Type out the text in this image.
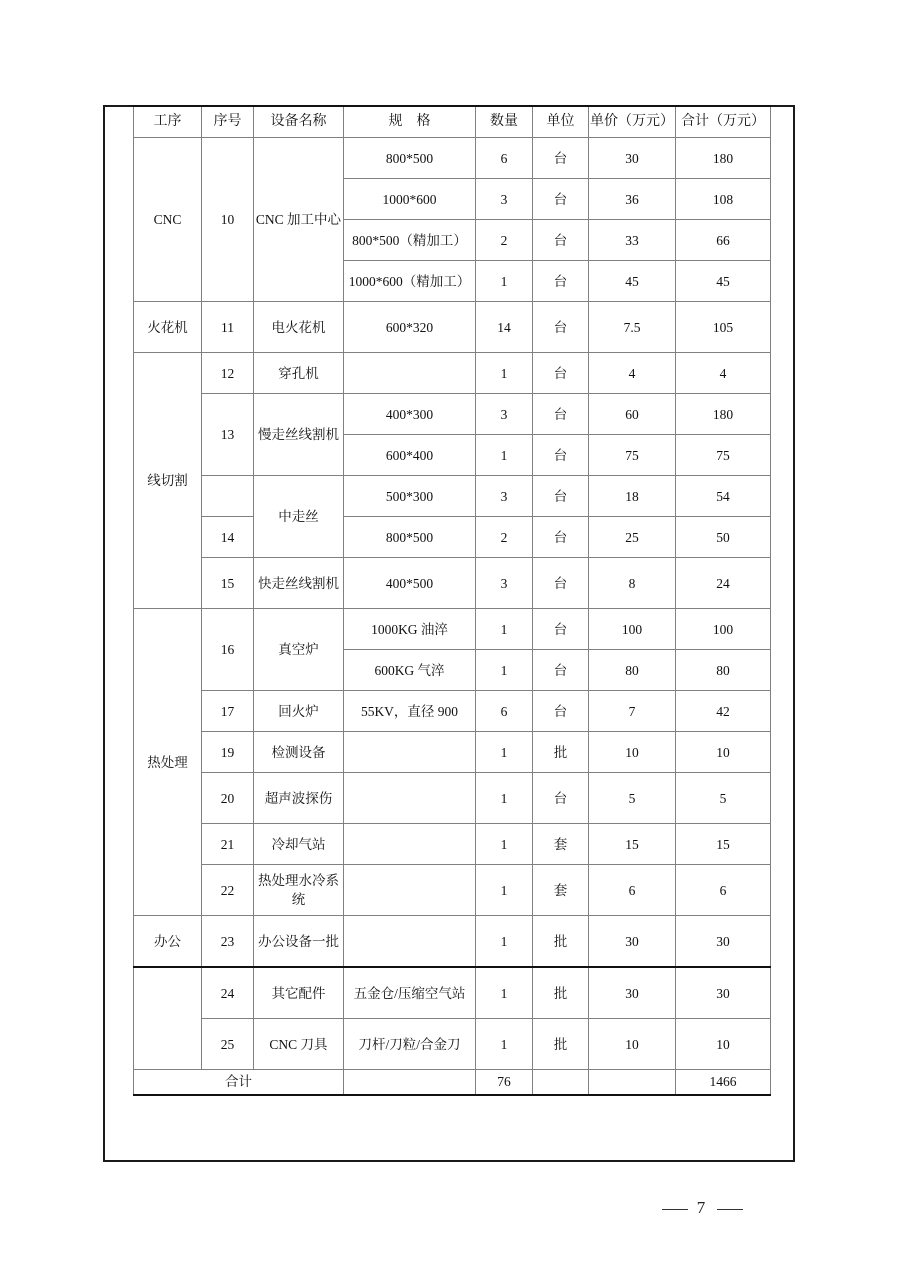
工序	序号	设备名称	规　格	数量	单位	单价（万元）	合计（万元）
CNC	10	CNC 加工中心	800*500	6	台	30	180
			1000*600	3	台	36	108
			800*500（精加工）	2	台	33	66
			1000*600（精加工）	1	台	45	45
火花机	11	电火花机	600*320	14	台	7.5	105
线切割	12	穿孔机		1	台	4	4
	13	慢走丝线割机	400*300	3	台	60	180
			600*400	1	台	75	75
		中走丝	500*300	3	台	18	54
	14		800*500	2	台	25	50
	15	快走丝线割机	400*500	3	台	8	24
热处理	16	真空炉	1000KG 油淬	1	台	100	100
			600KG 气淬	1	台	80	80
	17	回火炉	55KV，直径 900	6	台	7	42
	19	检测设备		1	批	10	10
	20	超声波探伤		1	台	5	5
	21	冷却气站		1	套	15	15
	22	热处理水冷系统		1	套	6	6
办公	23	办公设备一批		1	批	30	30
	24	其它配件	五金仓/压缩空气站	1	批	30	30
	25	CNC 刀具	刀杆/刀粒/合金刀	1	批	10	10
合计				76			1466
7
